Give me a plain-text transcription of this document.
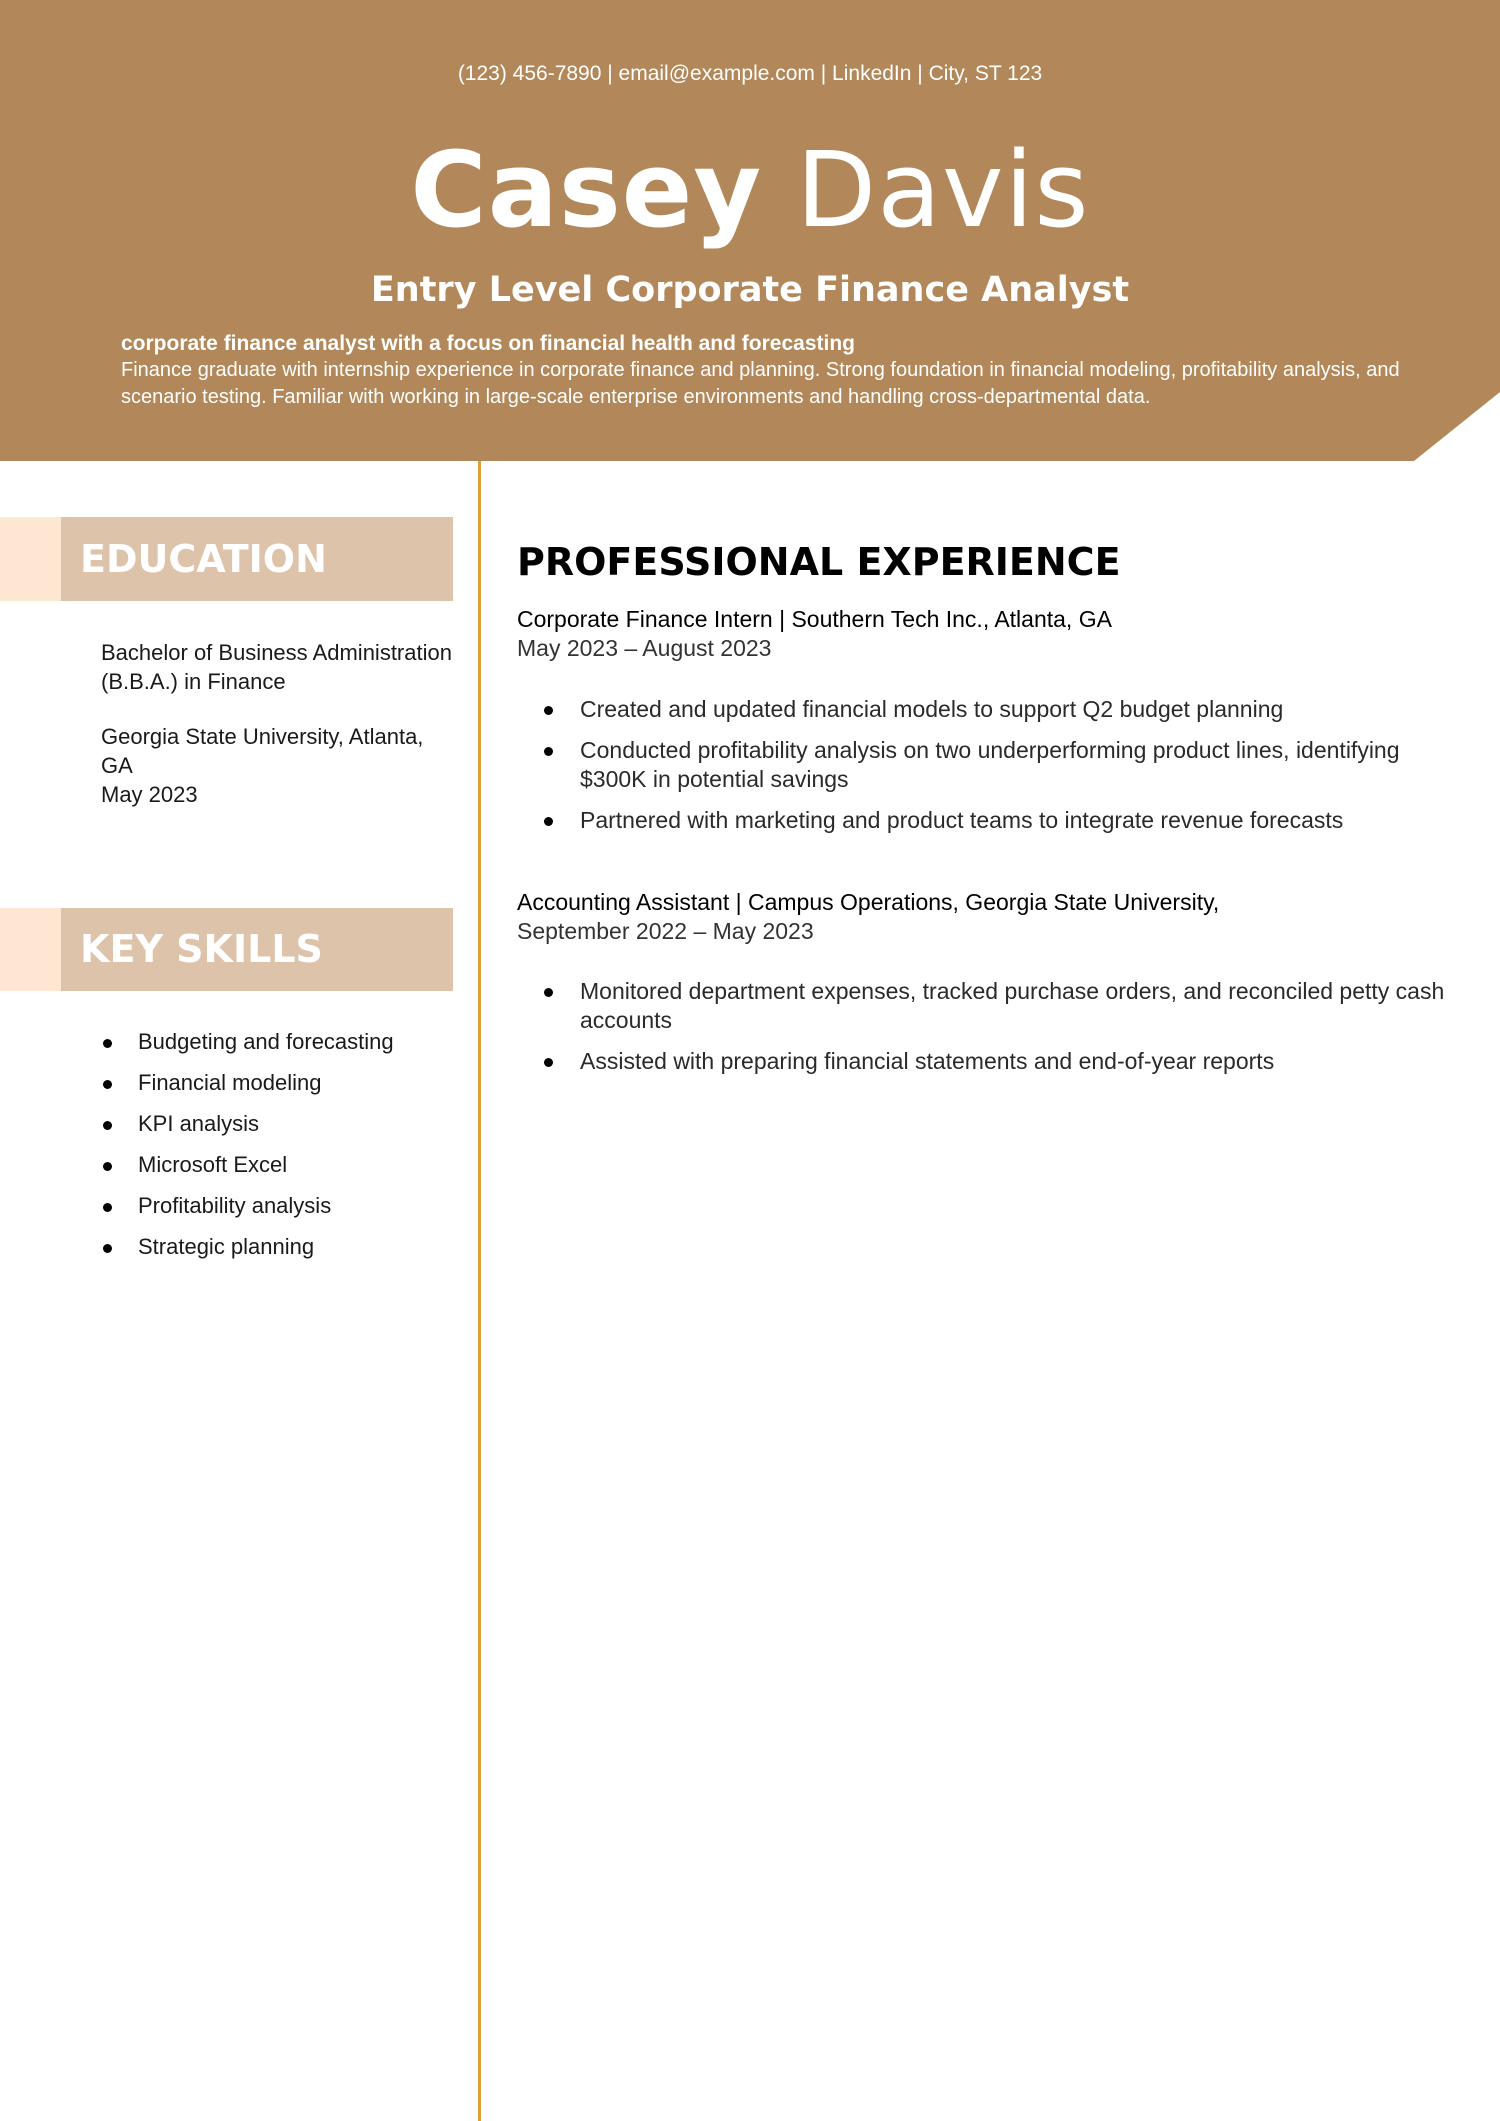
(123) 456-7890 | email@example.com | LinkedIn | City, ST 123
Casey Davis
Entry Level Corporate Finance Analyst
corporate finance analyst with a focus on financial health and forecasting
Finance graduate with internship experience in corporate finance and planning. Strong foundation in financial modeling, profitability analysis, and scenario testing. Familiar with working in large-scale enterprise environments and handling cross-departmental data.
EDUCATION
Bachelor of Business Administration (B.B.A.) in Finance
Georgia State University, Atlanta, GA
May 2023
KEY SKILLS
Budgeting and forecasting
Financial modeling
KPI analysis
Microsoft Excel
Profitability analysis
Strategic planning
PROFESSIONAL EXPERIENCE
Corporate Finance Intern | Southern Tech Inc., Atlanta, GA
May 2023 – August 2023
Created and updated financial models to support Q2 budget planning
Conducted profitability analysis on two underperforming product lines, identifying $300K in potential savings
Partnered with marketing and product teams to integrate revenue forecasts
Accounting Assistant | Campus Operations, Georgia State University,
September 2022 – May 2023
Monitored department expenses, tracked purchase orders, and reconciled petty cash accounts
Assisted with preparing financial statements and end-of-year reports
